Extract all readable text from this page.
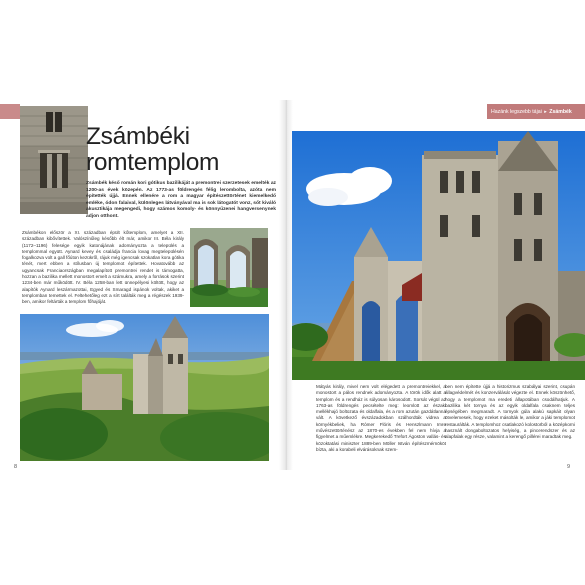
Hazánk legszebb tájai ▸ Zsámbék
Zsámbéki
romtemplom

Zsámbék késő román kori gótikus bazilikáját a premontrei szerzetesek emelték az 1200-as évek közepén. Az 1773-as földrengés félig lerombolta, azóta nem építették újjá. Ennek ellenére a rom a magyar építészettörténet kiemelkedő emléke, ódon falaival, különleges látványával ma is sok látogatót vonz, sőt kiváló akusztikája megengedi, hogy számos komoly- és könnyűzenei hangversenynek adjon otthont.

Zsámbékon először a XI. században épült kőtemplom, amelyet a XII. században kibővítettek. Valószínűleg később élt már, amikor III. Béla király (1172–1196) felesége egyik katonájának adományozta a település a templommal együtt. Aynard kevey és családja francia lovag megtelepülésén fogalkozva volt a gall főúton kezükről, rájuk még igencsak szokatlan kora gótika ténét, mert ebben a stílusban új templomot építettek. Hovatovább az ugyancsak Franciaországban megalapított premontrei rendet is támogatta, hozzan a bazilika mellett monostort emelt a számukra, amely a források szerint 1234-ben már működött. IV. Béla 1258-ban lett ünnepélyesi költött, hogy az alapítók Aynard leszármazottai, Egyed és Smaragd ispánok voltak, akiket a templomban temettek el. Feltehetőleg ezt a sírt találták meg a régészek 1939-ben, amikor feltárták a templom főhajóját.

Mátyás király, mivel nem volt elégedett a premontreiekkel, a monostort a pálos rendnek adományozta. A török idők alatt a templom és a rendház is súlyosan károsodott. Sorsát végül az 1763-as földrengés pecsételte meg: leomlott az északi mellékhajó boltozata és oldalfala, és a rom azután gazdátlanná vált. A következő évszázadokban szálhordták vidrea a környékbeliek, ha Rómer Flóris és Henszlmann Imre művészettörténész az 1870-es években fel nem hívja a figyelmet a műemlékre. Megkerekedő Trefort Ágoston vallás- és közoktatási miniszter 1889-ben Möller István építészmérnököt bízta, aki a korabeli elvárásoknak szem-

ben nem építette újjá a historizmus szabályai szerint, csupán állagvédelmét és konzerválását végezte el. Ennek köszönhető, hogy a templomot ma eredeti állapotában csodálhatjuk. A bazilika két tornya és az egyik oldalfala csaknem teljes épségében megmaradt. A tornyok gúla alakú sapkáit olyan ötvelemesek, hogy ezeket másolták le, amikor a jáki templomot restaurálták. A templomhoz csatlakozó kolostorból a középkorni használt dongaboltozatos helyiség, a pincerendszer és az alapfalak egy része, valamint a kerengő pillérei maradtak meg.

8	9
